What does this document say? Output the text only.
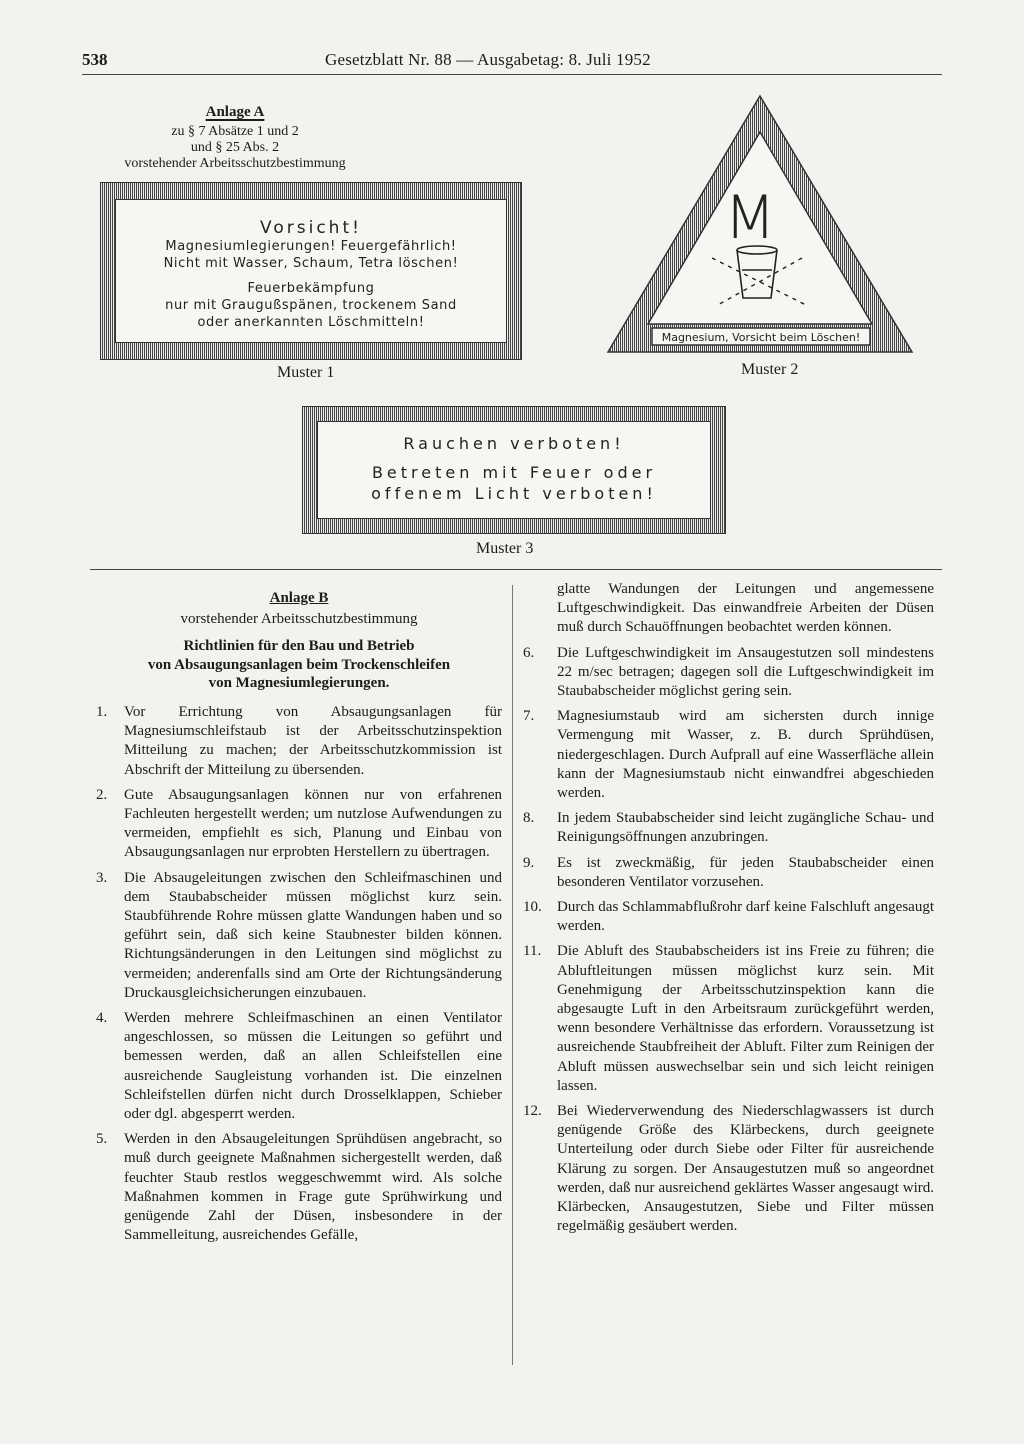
538	Gesetzblatt Nr. 88 — Ausgabetag: 8. Juli 1952
Anlage A
zu § 7 Absätze 1 und 2
und § 25 Abs. 2
vorstehender Arbeitsschutzbestimmung
Vorsicht!
Magnesiumlegierungen! Feuergefährlich!
Nicht mit Wasser, Schaum, Tetra löschen!
Feuerbekämpfung
nur mit Graugußspänen, trockenem Sand
oder anerkannten Löschmitteln!
Muster 1
M
Magnesium, Vorsicht beim Löschen!
Muster 2
Rauchen verboten!
Betreten mit Feuer oder
offenem Licht verboten!
Muster 3
Anlage B
vorstehender Arbeitsschutzbestimmung
Richtlinien für den Bau und Betrieb
von Absaugungsanlagen beim Trockenschleifen
von Magnesiumlegierungen.
1.	Vor Errichtung von Absaugungsanlagen für Magnesiumschleifstaub ist der Arbeitsschutzinspektion Mitteilung zu machen; der Arbeitsschutzkommission ist Abschrift der Mitteilung zu übersenden.
2.	Gute Absaugungsanlagen können nur von erfahrenen Fachleuten hergestellt werden; um nutzlose Aufwendungen zu vermeiden, empfiehlt es sich, Planung und Einbau von Absaugungsanlagen nur erprobten Herstellern zu übertragen.
3.	Die Absaugeleitungen zwischen den Schleifmaschinen und dem Staubabscheider müssen möglichst kurz sein. Staubführende Rohre müssen glatte Wandungen haben und so geführt sein, daß sich keine Staubnester bilden können. Richtungsänderungen in den Leitungen sind möglichst zu vermeiden; anderenfalls sind am Orte der Richtungsänderung Druckausgleichsicherungen einzubauen.
4.	Werden mehrere Schleifmaschinen an einen Ventilator angeschlossen, so müssen die Leitungen so geführt und bemessen werden, daß an allen Schleifstellen eine ausreichende Saugleistung vorhanden ist. Die einzelnen Schleifstellen dürfen nicht durch Drosselklappen, Schieber oder dgl. abgesperrt werden.
5.	Werden in den Absaugeleitungen Sprühdüsen angebracht, so muß durch geeignete Maßnahmen sichergestellt werden, daß feuchter Staub restlos weggeschwemmt wird. Als solche Maßnahmen kommen in Frage gute Sprühwirkung und genügende Zahl der Düsen, insbesondere in der Sammelleitung, ausreichendes Gefälle,
glatte Wandungen der Leitungen und angemessene Luftgeschwindigkeit. Das einwandfreie Arbeiten der Düsen muß durch Schauöffnungen beobachtet werden können.
6.	Die Luftgeschwindigkeit im Ansaugestutzen soll mindestens 22 m/sec betragen; dagegen soll die Luftgeschwindigkeit im Staubabscheider möglichst gering sein.
7.	Magnesiumstaub wird am sichersten durch innige Vermengung mit Wasser, z. B. durch Sprühdüsen, niedergeschlagen. Durch Aufprall auf eine Wasserfläche allein kann der Magnesiumstaub nicht einwandfrei abgeschieden werden.
8.	In jedem Staubabscheider sind leicht zugängliche Schau- und Reinigungsöffnungen anzubringen.
9.	Es ist zweckmäßig, für jeden Staubabscheider einen besonderen Ventilator vorzusehen.
10.	Durch das Schlammabflußrohr darf keine Falschluft angesaugt werden.
11.	Die Abluft des Staubabscheiders ist ins Freie zu führen; die Abluftleitungen müssen möglichst kurz sein. Mit Genehmigung der Arbeitsschutzinspektion kann die abgesaugte Luft in den Arbeitsraum zurückgeführt werden, wenn besondere Verhältnisse das erfordern. Voraussetzung ist ausreichende Staubfreiheit der Abluft. Filter zum Reinigen der Abluft müssen auswechselbar sein und sich leicht reinigen lassen.
12.	Bei Wiederverwendung des Niederschlagwassers ist durch genügende Größe des Klärbeckens, durch geeignete Unterteilung oder durch Siebe oder Filter für ausreichende Klärung zu sorgen. Der Ansaugestutzen muß so angeordnet werden, daß nur ausreichend geklärtes Wasser angesaugt wird. Klärbecken, Ansaugestutzen, Siebe und Filter müssen regelmäßig gesäubert werden.
